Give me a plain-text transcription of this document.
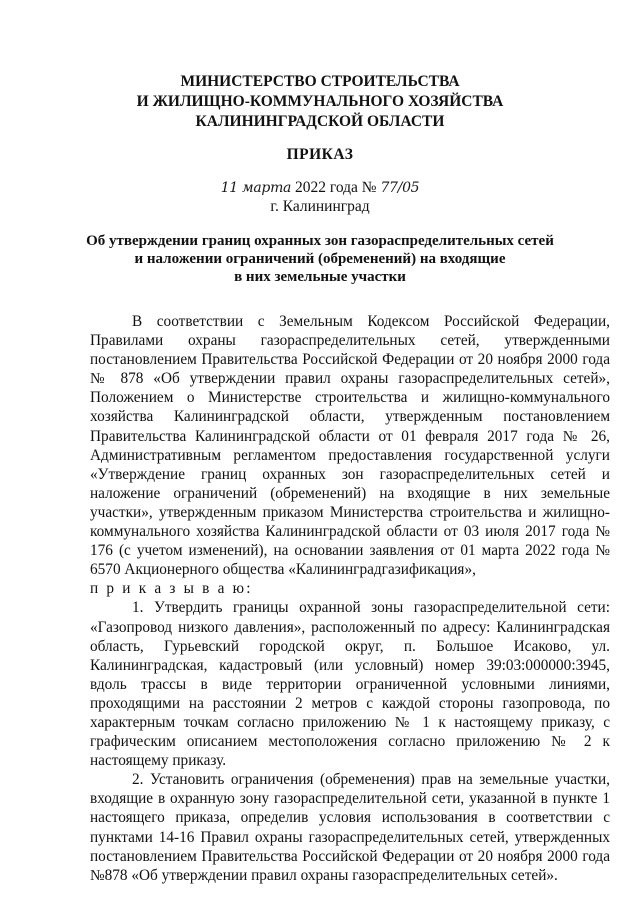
МИНИСТЕРСТВО СТРОИТЕЛЬСТВА
И ЖИЛИЩНО-КОММУНАЛЬНОГО ХОЗЯЙСТВА
КАЛИНИНГРАДСКОЙ ОБЛАСТИ
ПРИКАЗ
11 марта 2022 года № 77/05
г. Калининград
Об утверждении границ охранных зон газораспределительных сетей
и наложении ограничений (обременений) на входящие
в них земельные участки

В соответствии с Земельным Кодексом Российской Федерации, Правилами охраны газораспределительных сетей, утвержденными постановлением Правительства Российской Федерации от 20 ноября 2000 года № 878 «Об утверждении правил охраны газораспределительных сетей», Положением о Министерстве строительства и жилищно-коммунального хозяйства Калининградской области, утвержденным постановлением Правительства Калининградской области от 01 февраля 2017 года № 26, Административным регламентом предоставления государственной услуги «Утверждение границ охранных зон газораспределительных сетей и наложение ограничений (обременений) на входящие в них земельные участки», утвержденным приказом Министерства строительства и жилищно-коммунального хозяйства Калининградской области от 03 июля 2017 года № 176 (с учетом изменений), на основании заявления от 01 марта 2022 года № 6570 Акционерного общества «Калининградгазификация»,

п р и к а з ы в а ю:

1. Утвердить границы охранной зоны газораспределительной сети: «Газопровод низкого давления», расположенный по адресу: Калининградская область, Гурьевский городской округ, п. Большое Исаково, ул. Калининградская, кадастровый (или условный) номер 39:03:000000:3945, вдоль трассы в виде территории ограниченной условными линиями, проходящими на расстоянии 2 метров с каждой стороны газопровода, по характерным точкам согласно приложению № 1 к настоящему приказу, с графическим описанием местоположения согласно приложению № 2 к настоящему приказу.

2. Установить ограничения (обременения) прав на земельные участки, входящие в охранную зону газораспределительной сети, указанной в пункте 1 настоящего приказа, определив условия использования в соответствии с пунктами 14-16 Правил охраны газораспределительных сетей, утвержденных постановлением Правительства Российской Федерации от 20 ноября 2000 года №878 «Об утверждении правил охраны газораспределительных сетей».
